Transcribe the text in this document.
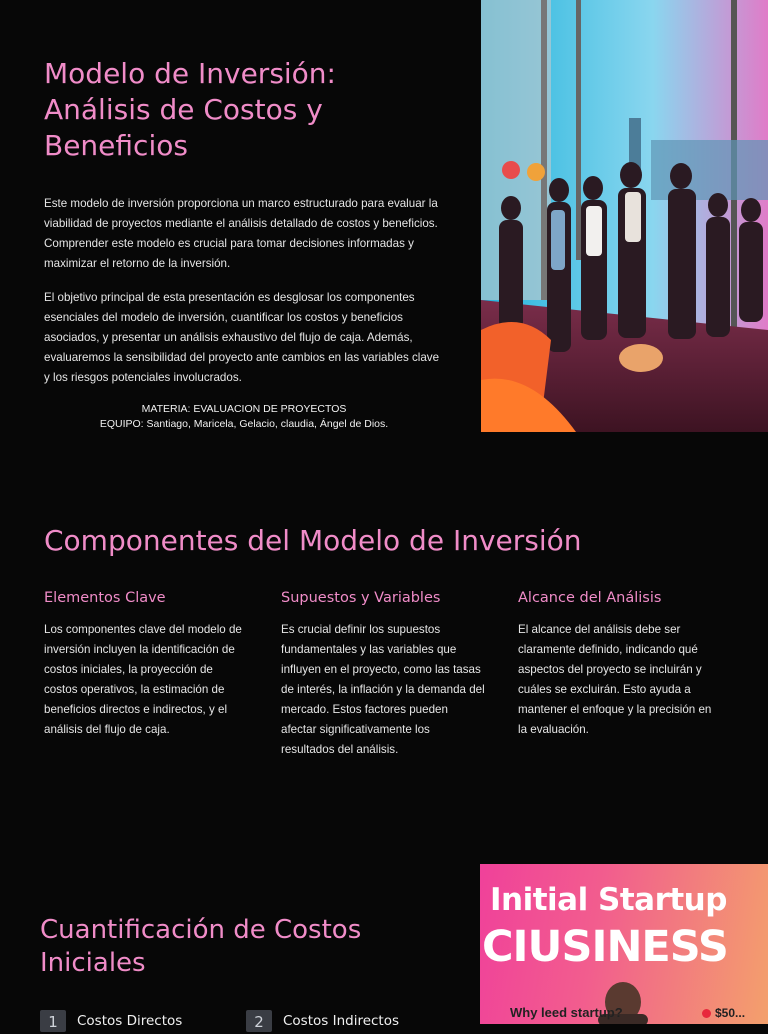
Modelo de Inversión: Análisis de Costos y Beneficios

Este modelo de inversión proporciona un marco estructurado para evaluar la viabilidad de proyectos mediante el análisis detallado de costos y beneficios. Comprender este modelo es crucial para tomar decisiones informadas y maximizar el retorno de la inversión.

El objetivo principal de esta presentación es desglosar los componentes esenciales del modelo de inversión, cuantificar los costos y beneficios asociados, y presentar un análisis exhaustivo del flujo de caja. Además, evaluaremos la sensibilidad del proyecto ante cambios en las variables clave y los riesgos potenciales involucrados.

MATERIA: EVALUACION DE PROYECTOS
EQUIPO: Santiago, Maricela, Gelacio, claudia, Ángel de Dios.
Componentes del Modelo de Inversión
Elementos Clave

Los componentes clave del modelo de inversión incluyen la identificación de costos iniciales, la proyección de costos operativos, la estimación de beneficios directos e indirectos, y el análisis del flujo de caja.

Supuestos y Variables

Es crucial definir los supuestos fundamentales y las variables que influyen en el proyecto, como las tasas de interés, la inflación y la demanda del mercado. Estos factores pueden afectar significativamente los resultados del análisis.

Alcance del Análisis

El alcance del análisis debe ser claramente definido, indicando qué aspectos del proyecto se incluirán y cuáles se excluirán. Esto ayuda a mantener el enfoque y la precisión en la evaluación.

Cuantificación de Costos Iniciales
1	Costos Directos	2	Costos Indirectos
Initial Startup
CIUSINESS
Why leed startup?	$50...
